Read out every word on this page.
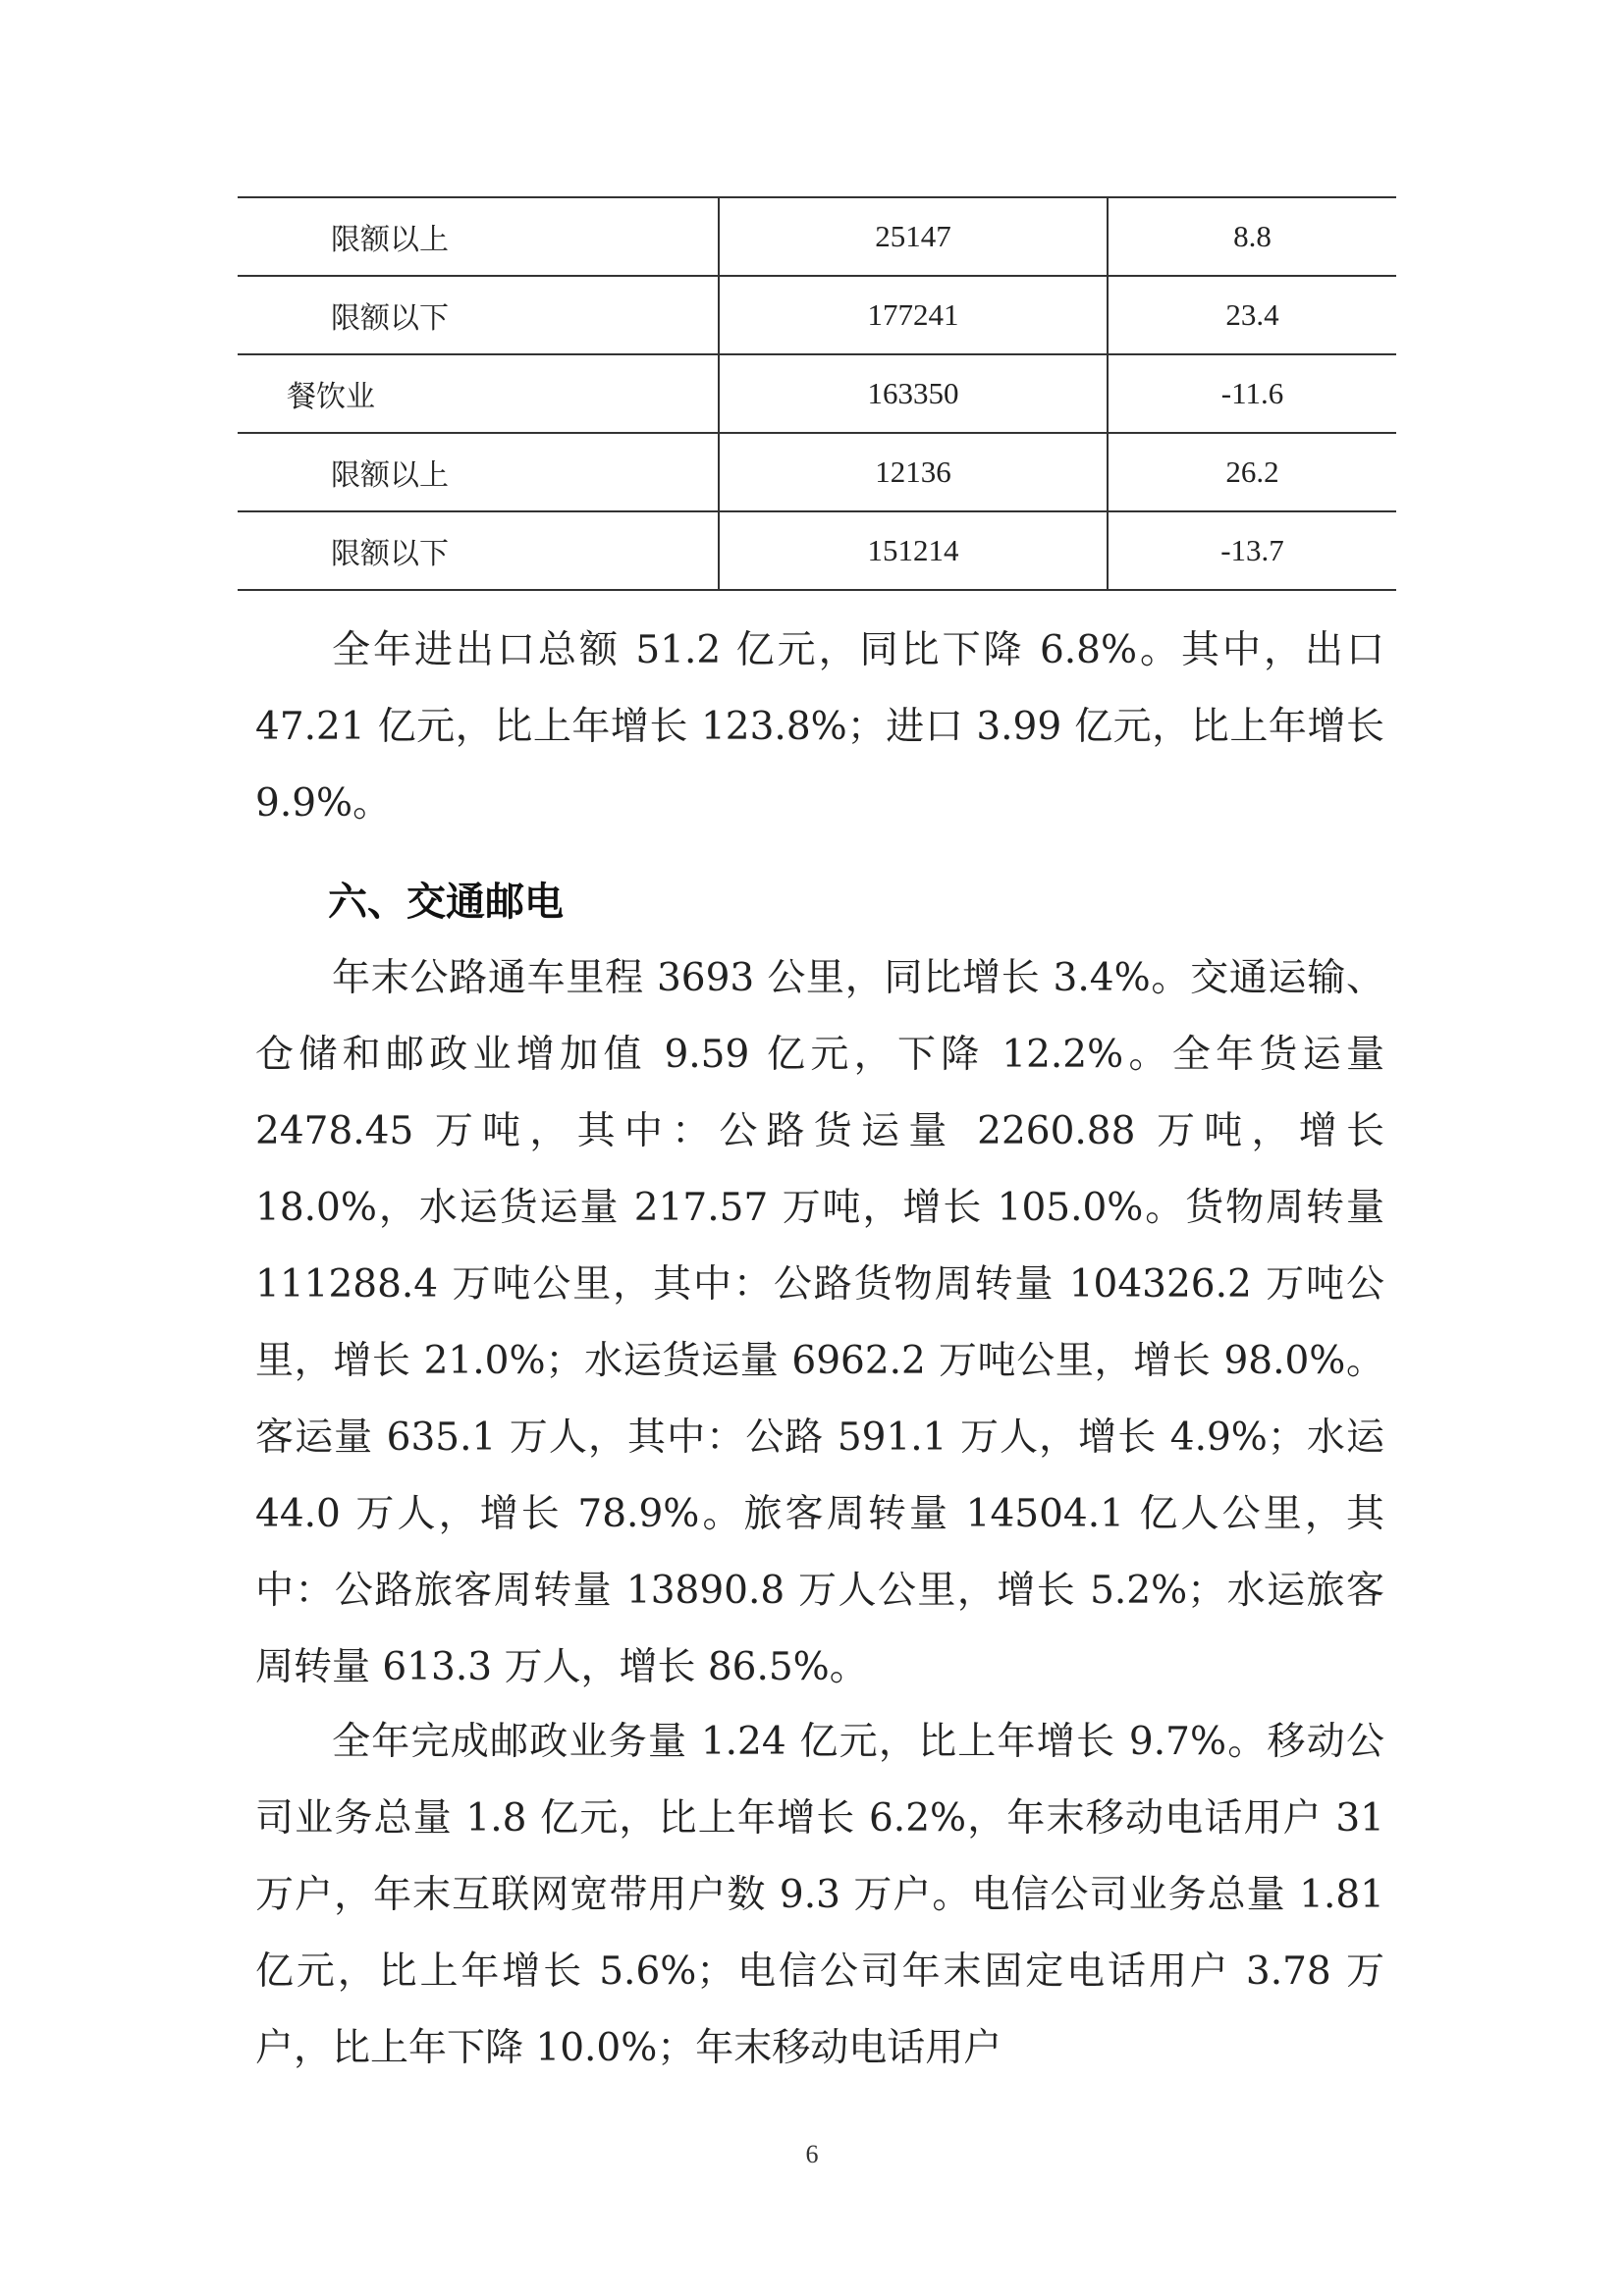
限额以上	25147	8.8
限额以下	177241	23.4
餐饮业	163350	-11.6
限额以上	12136	26.2
限额以下	151214	-13.7

全年进出口总额 51.2 亿元，同比下降 6.8%。其中，出口 47.21 亿元，比上年增长 123.8%；进口 3.99 亿元，比上年增长 9.9%。

六、交通邮电

年末公路通车里程 3693 公里，同比增长 3.4%。交通运输、仓储和邮政业增加值 9.59 亿元，下降 12.2%。全年货运量 2478.45 万吨，其中：公路货运量 2260.88 万吨，增长 18.0%，水运货运量 217.57 万吨，增长 105.0%。货物周转量 111288.4 万吨公里，其中：公路货物周转量 104326.2 万吨公里，增长 21.0%；水运货运量 6962.2 万吨公里，增长 98.0%。客运量 635.1 万人，其中：公路 591.1 万人，增长 4.9%；水运 44.0 万人，增长 78.9%。旅客周转量 14504.1 亿人公里，其中：公路旅客周转量 13890.8 万人公里，增长 5.2%；水运旅客周转量 613.3 万人，增长 86.5%。

全年完成邮政业务量 1.24 亿元，比上年增长 9.7%。移动公司业务总量 1.8 亿元，比上年增长 6.2%，年末移动电话用户 31 万户，年末互联网宽带用户数 9.3 万户。电信公司业务总量 1.81 亿元，比上年增长 5.6%；电信公司年末固定电话用户 3.78 万户，比上年下降 10.0%；年末移动电话用户

6
